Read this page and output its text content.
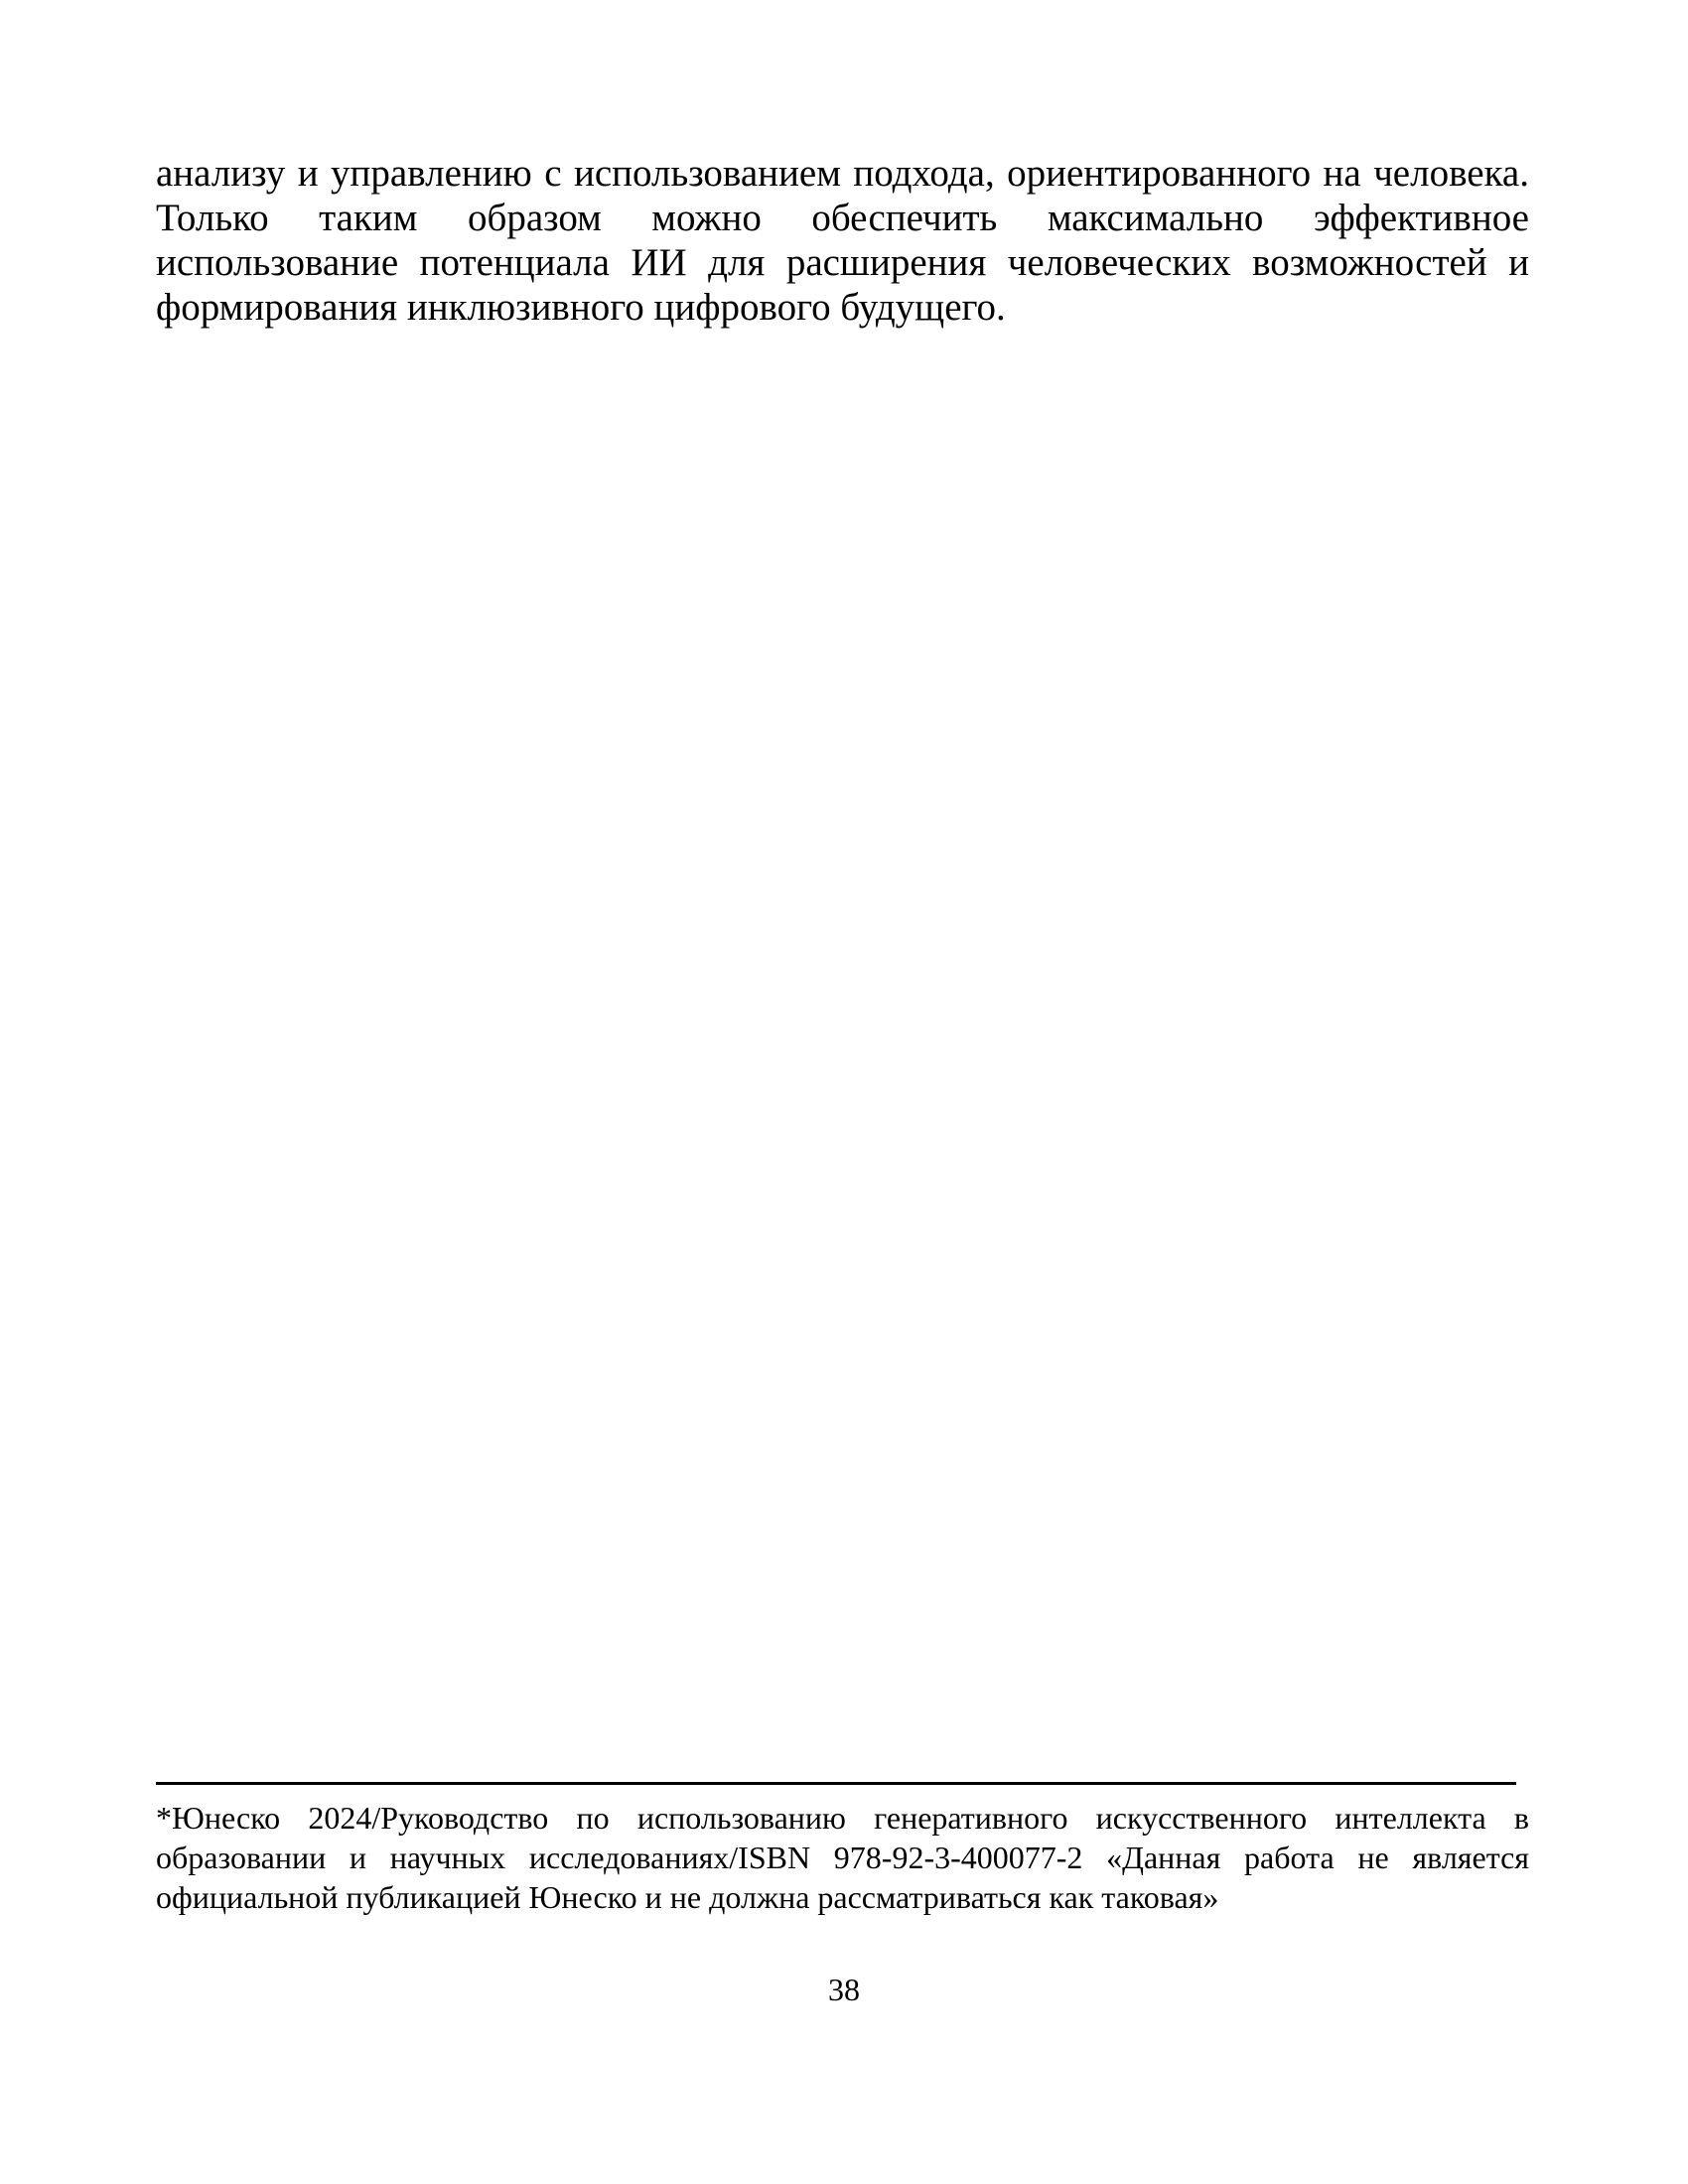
анализу и управлению с использованием подхода, ориентированного на человека. Только таким образом можно обеспечить максимально эффективное использование потенциала ИИ для расширения человеческих возможностей и формирования инклюзивного цифрового будущего.

*Юнеско 2024/Руководство по использованию генеративного искусственного интеллекта в образовании и научных исследованиях/ISBN 978-92-3-400077-2 «Данная работа не является официальной публикацией Юнеско и не должна рассматриваться как таковая»

38
